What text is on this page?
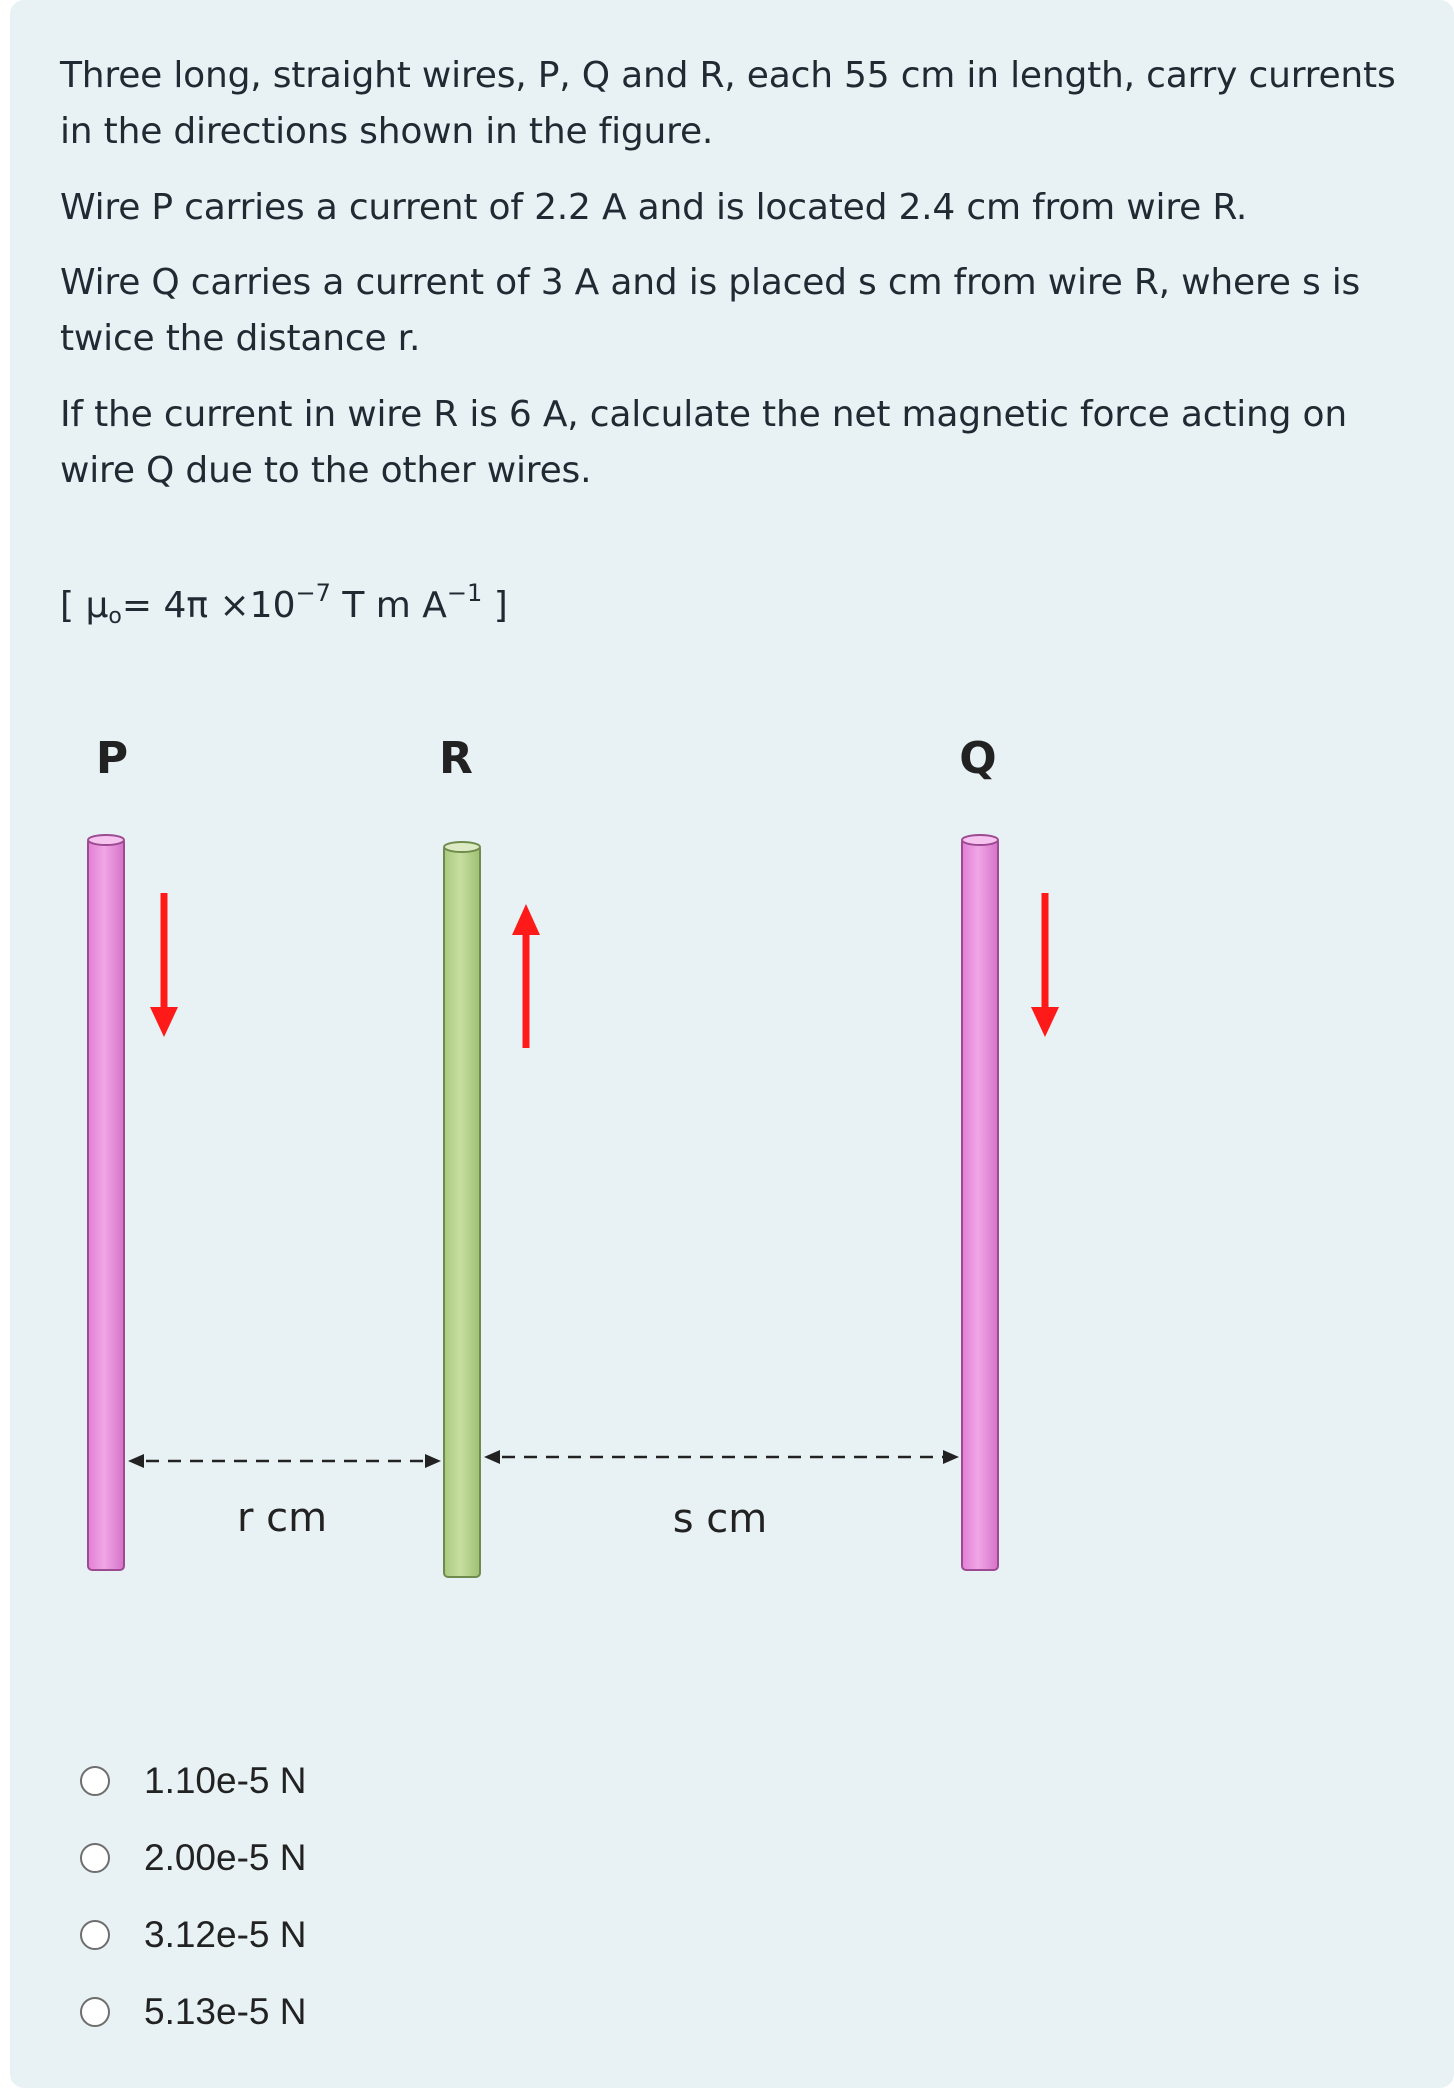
Three long, straight wires, P, Q and R, each 55 cm in length, carry currents in the directions shown in the figure.

Wire P carries a current of 2.2 A and is located 2.4 cm from wire R.

Wire Q carries a current of 3 A and is placed s cm from wire R, where s is twice the distance r.

If the current in wire R is 6 A, calculate the net magnetic force acting on wire Q due to the other wires.

[ $\mu_o= 4\pi \times 10^{-7}$ T m $A^{-1}$ ]
P	R	Q
r cm	s cm
1.10e-5 N
2.00e-5 N
3.12e-5 N
5.13e-5 N
